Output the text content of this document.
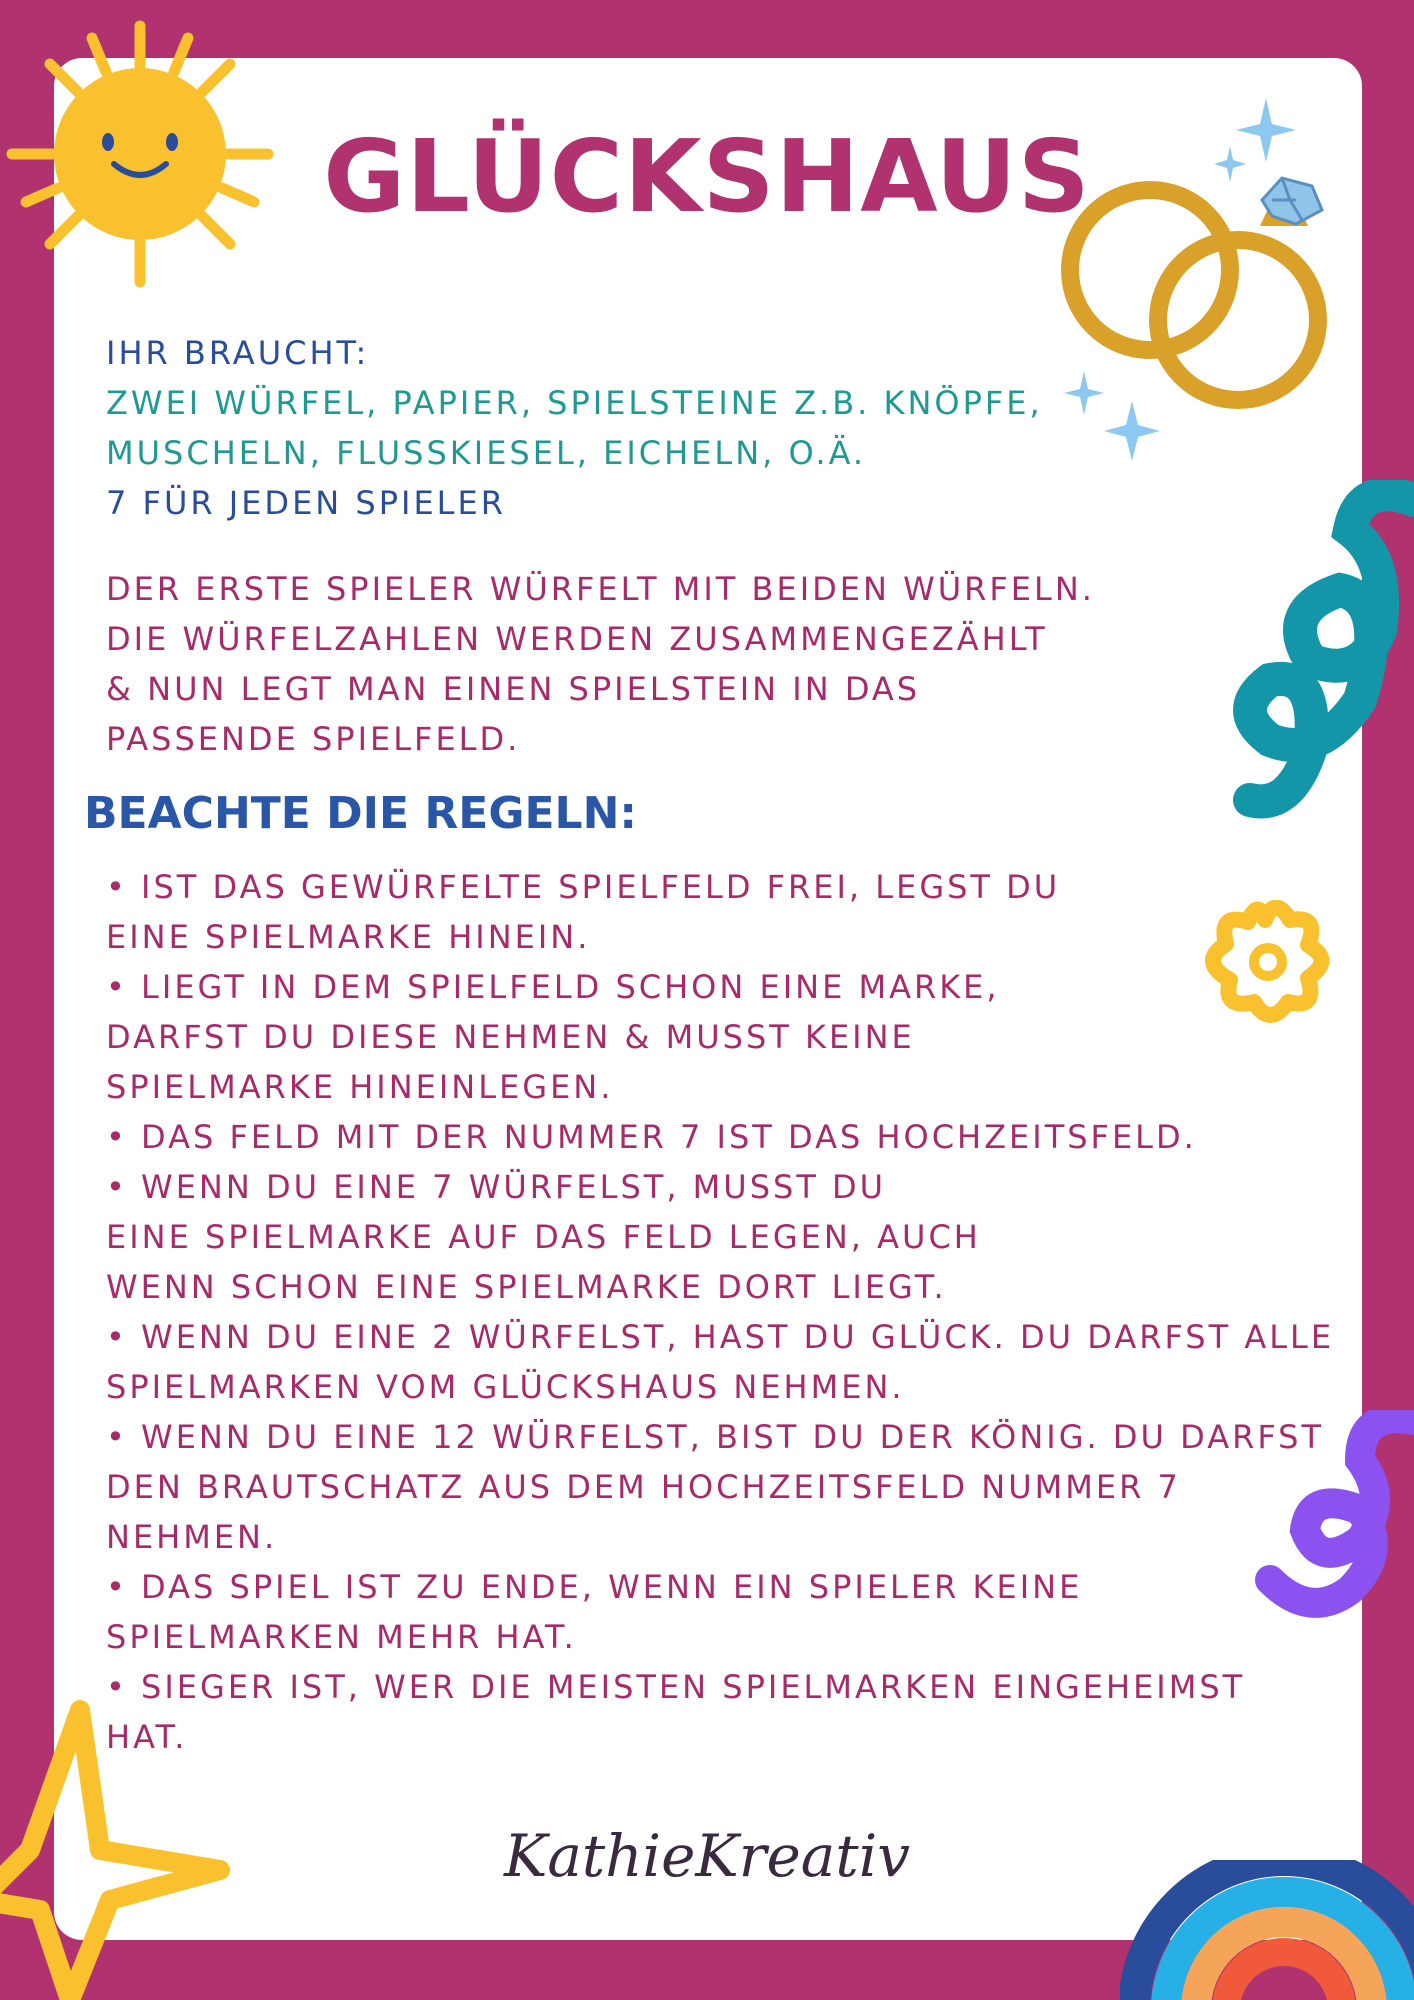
GLÜCKSHAUS
IHR BRAUCHT:
ZWEI WÜRFEL, PAPIER, SPIELSTEINE Z.B. KNÖPFE,
MUSCHELN, FLUSSKIESEL, EICHELN, O.Ä.
7 FÜR JEDEN SPIELER
DER ERSTE SPIELER WÜRFELT MIT BEIDEN WÜRFELN.
DIE WÜRFELZAHLEN WERDEN ZUSAMMENGEZÄHLT
& NUN LEGT MAN EINEN SPIELSTEIN IN DAS
PASSENDE SPIELFELD.
BEACHTE DIE REGELN:
• IST DAS GEWÜRFELTE SPIELFELD FREI, LEGST DU
EINE SPIELMARKE HINEIN.
• LIEGT IN DEM SPIELFELD SCHON EINE MARKE,
DARFST DU DIESE NEHMEN & MUSST KEINE
SPIELMARKE HINEINLEGEN.
• DAS FELD MIT DER NUMMER 7 IST DAS HOCHZEITSFELD.
• WENN DU EINE 7 WÜRFELST, MUSST DU
EINE SPIELMARKE AUF DAS FELD LEGEN, AUCH
WENN SCHON EINE SPIELMARKE DORT LIEGT.
• WENN DU EINE 2 WÜRFELST, HAST DU GLÜCK. DU DARFST ALLE
SPIELMARKEN VOM GLÜCKSHAUS NEHMEN.
• WENN DU EINE 12 WÜRFELST, BIST DU DER KÖNIG. DU DARFST
DEN BRAUTSCHATZ AUS DEM HOCHZEITSFELD NUMMER 7
NEHMEN.
• DAS SPIEL IST ZU ENDE, WENN EIN SPIELER KEINE
SPIELMARKEN MEHR HAT.
• SIEGER IST, WER DIE MEISTEN SPIELMARKEN EINGEHEIMST
HAT.
KathieKreativ
